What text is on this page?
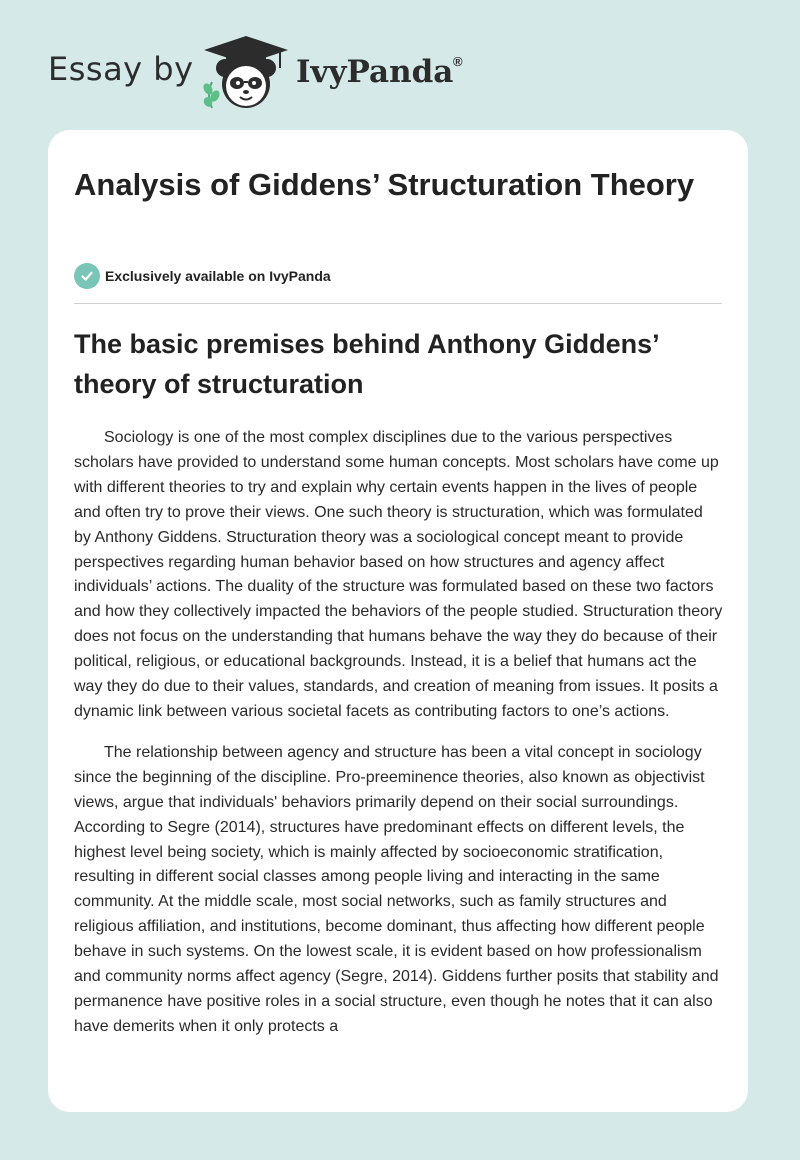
Essay by	IvyPanda ®
Analysis of Giddens’ Structuration Theory
Exclusively available on IvyPanda
The basic premises behind Anthony Giddens’ theory of structuration

Sociology is one of the most complex disciplines due to the various perspectives scholars have provided to understand some human concepts. Most scholars have come up with different theories to try and explain why certain events happen in the lives of people and often try to prove their views. One such theory is structuration, which was formulated by Anthony Giddens. Structuration theory was a sociological concept meant to provide perspectives regarding human behavior based on how structures and agency affect individuals’ actions. The duality of the structure was formulated based on these two factors and how they collectively impacted the behaviors of the people studied. Structuration theory does not focus on the understanding that humans behave the way they do because of their political, religious, or educational backgrounds. Instead, it is a belief that humans act the way they do due to their values, standards, and creation of meaning from issues. It posits a dynamic link between various societal facets as contributing factors to one’s actions.

The relationship between agency and structure has been a vital concept in sociology since the beginning of the discipline. Pro-preeminence theories, also known as objectivist views, argue that individuals' behaviors primarily depend on their social surroundings. According to Segre (2014), structures have predominant effects on different levels, the highest level being society, which is mainly affected by socioeconomic stratification, resulting in different social classes among people living and interacting in the same community. At the middle scale, most social networks, such as family structures and religious affiliation, and institutions, become dominant, thus affecting how different people behave in such systems. On the lowest scale, it is evident based on how professionalism and community norms affect agency (Segre, 2014). Giddens further posits that stability and permanence have positive roles in a social structure, even though he notes that it can also have demerits when it only protects a
